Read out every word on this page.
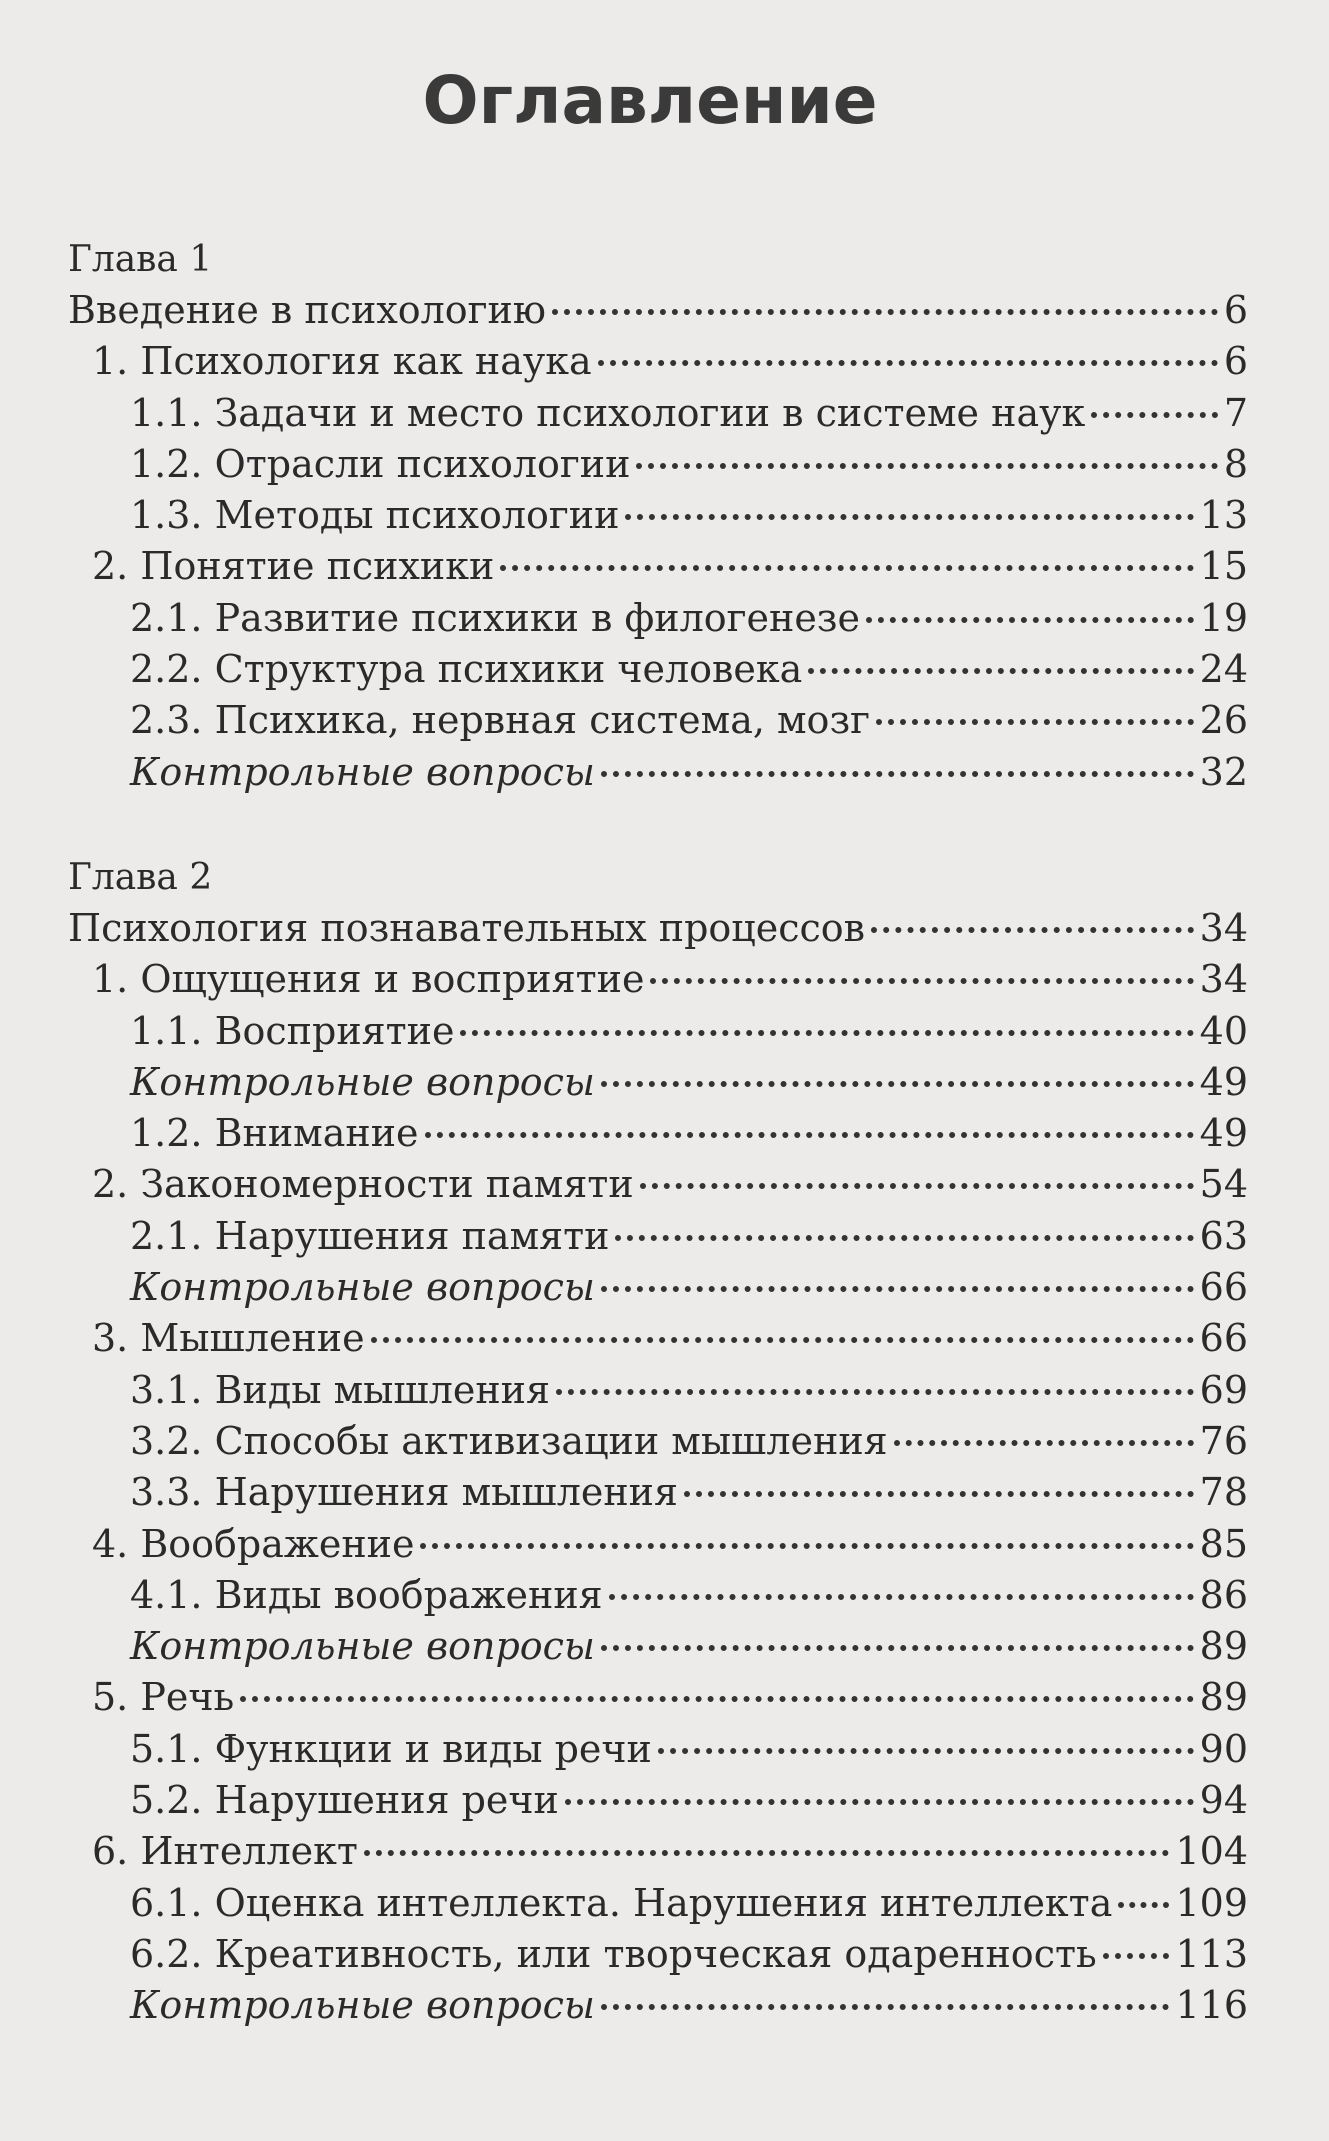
Оглавление
Глава 1
Введение в психологию	6
1. Психология как наука	6
1.1. Задачи и место психологии в системе наук	7
1.2. Отрасли психологии	8
1.3. Методы психологии	13
2. Понятие психики	15
2.1. Развитие психики в филогенезе	19
2.2. Структура психики человека	24
2.3. Психика, нервная система, мозг	26
Контрольные вопросы	32
Глава 2
Психология познавательных процессов	34
1. Ощущения и восприятие	34
1.1. Восприятие	40
Контрольные вопросы	49
1.2. Внимание	49
2. Закономерности памяти	54
2.1. Нарушения памяти	63
Контрольные вопросы	66
3. Мышление	66
3.1. Виды мышления	69
3.2. Способы активизации мышления	76
3.3. Нарушения мышления	78
4. Воображение	85
4.1. Виды воображения	86
Контрольные вопросы	89
5. Речь	89
5.1. Функции и виды речи	90
5.2. Нарушения речи	94
6. Интеллект	104
6.1. Оценка интеллекта. Нарушения интеллекта 109
6.2. Креативность, или творческая одаренность 113
Контрольные вопросы	116
